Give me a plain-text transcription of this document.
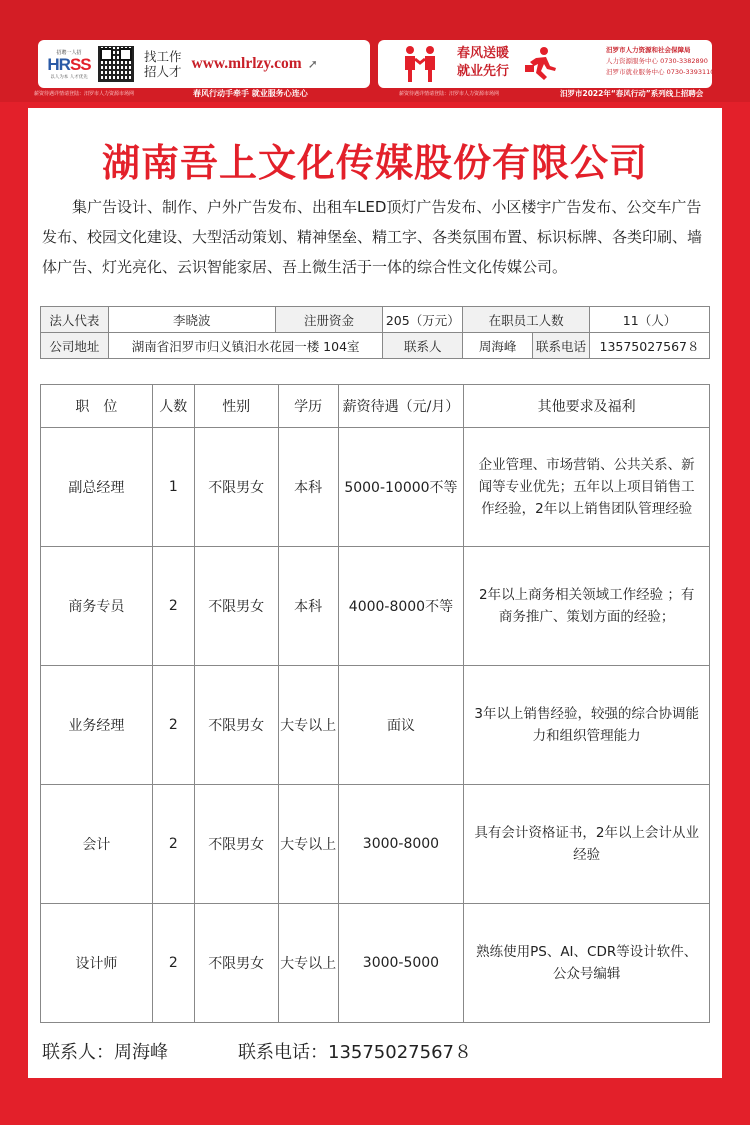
招聘一人招
HRSS
以人为本 人才优先
找工作
招人才 www.mlrlzy.com ➚
春风送暖
就业先行
汨罗市人力资源和社会保障局
人力资源服务中心 0730-3382890
汨罗市就业服务中心 0730-3393110
薪资待遇详情请登陆：汨罗市人力资源市场网	春风行动手牵手 就业服务心连心	薪资待遇详情请登陆：汨罗市人力资源市场网	汨罗市2022年“春风行动”系列线上招聘会
湖南吾上文化传媒股份有限公司
集广告设计、制作、户外广告发布、出租车LED顶灯广告发布、小区楼宇广告发布、公交车广告发布、校园文化建设、大型活动策划、精神堡垒、精工字、各类氛围布置、标识标牌、各类印刷、墙体广告、灯光亮化、云识智能家居、吾上微生活于一体的综合性文化传媒公司。
法人代表	李晓波	注册资金	205（万元）	在职员工人数		11（人）
公司地址	湖南省汨罗市归义镇汨水花园一楼 104室		联系人	周海峰	联系电话	13575027567８
职　位	人数	性别	学历	薪资待遇（元/月）	其他要求及福利
副总经理	1	不限男女	本科	5000-10000不等	企业管理、市场营销、公共关系、新闻等专业优先；五年以上项目销售工作经验，2年以上销售团队管理经验
商务专员	2	不限男女	本科	4000-8000不等	2年以上商务相关领域工作经验 ；有商务推广、策划方面的经验；
业务经理	2	不限男女	大专以上	面议	3年以上销售经验，较强的综合协调能力和组织管理能力
会计	2	不限男女	大专以上	3000-8000	具有会计资格证书，2年以上会计从业经验
设计师	2	不限男女	大专以上	3000-5000	熟练使用PS、AI、CDR等设计软件、公众号编辑
联系人：周海峰	联系电话：13575027567８
